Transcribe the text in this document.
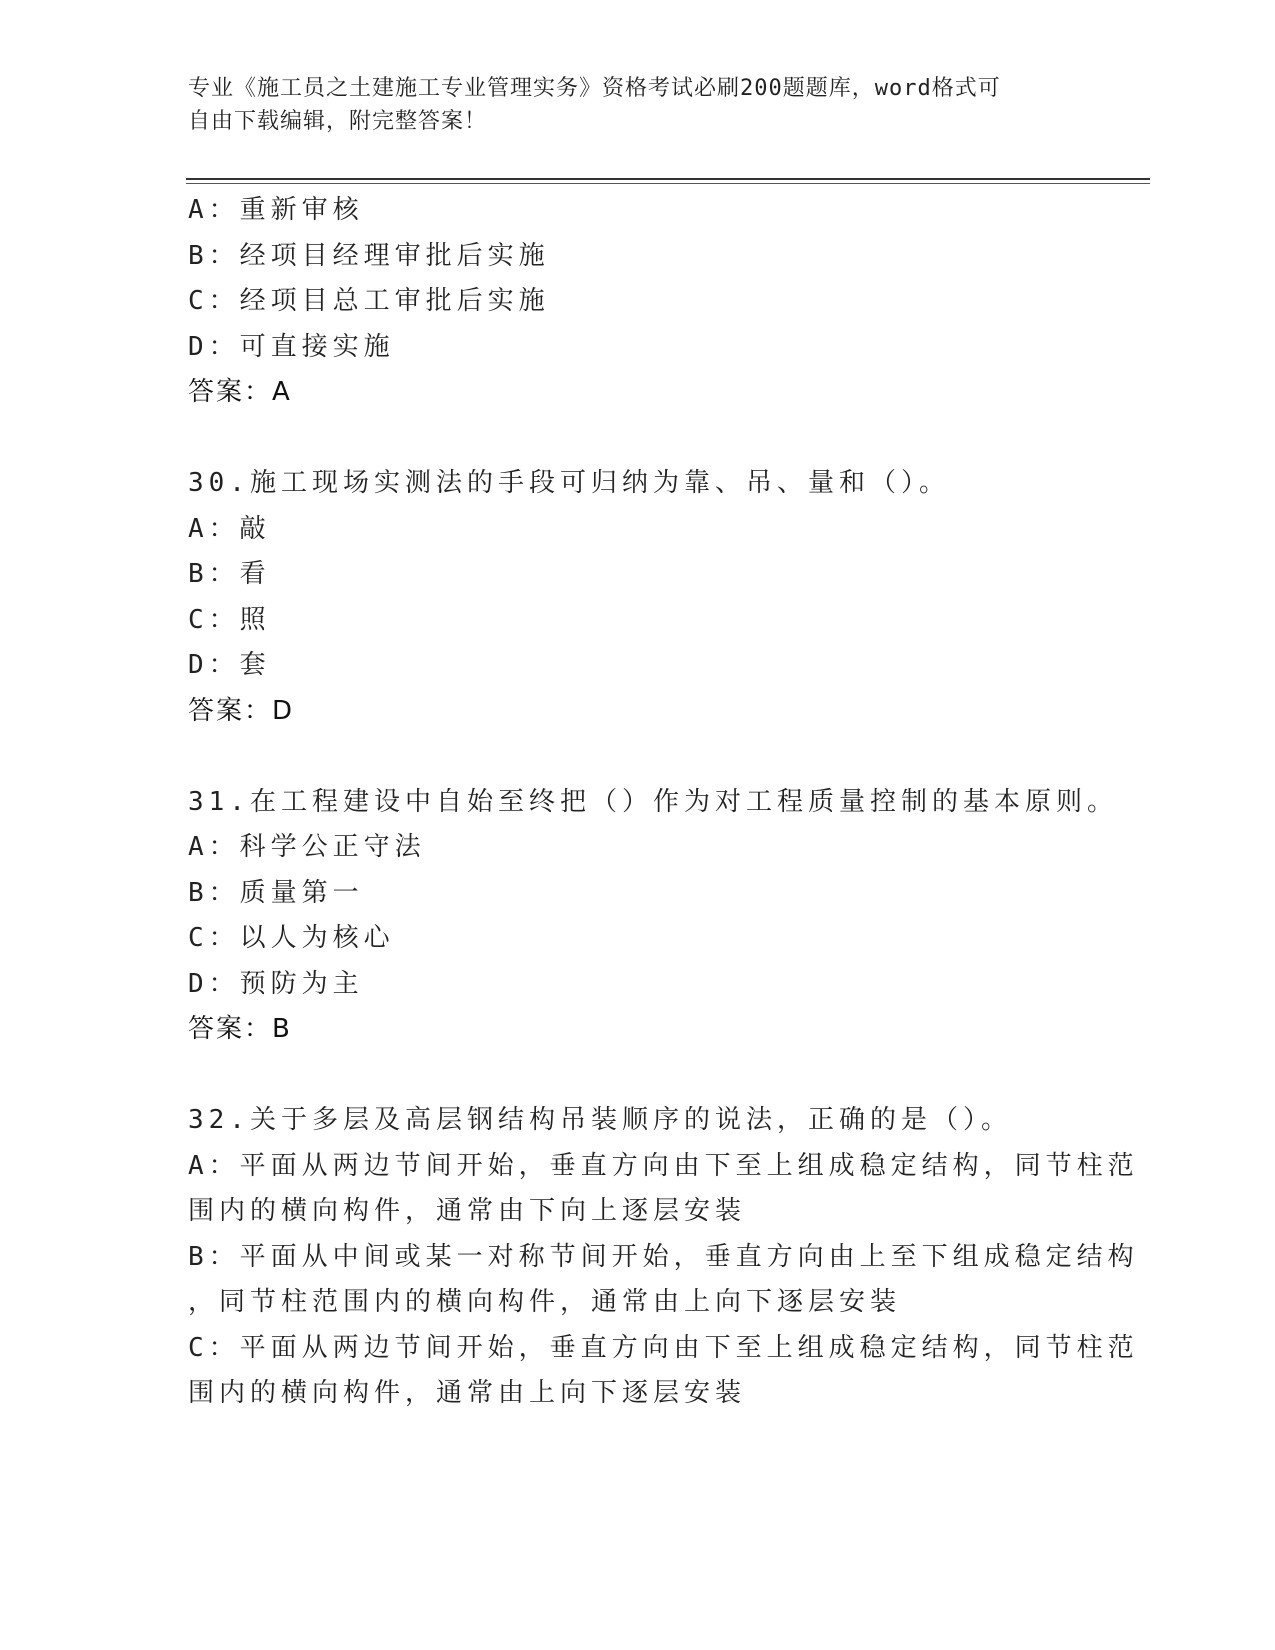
专业《施工员之土建施工专业管理实务》资格考试必刷200题题库，word格式可
自由下载编辑，附完整答案！
A：重新审核
B：经项目经理审批后实施
C：经项目总工审批后实施
D：可直接实施
答案：A
30.施工现场实测法的手段可归纳为靠、吊、量和（）。
A：敲
B：看
C：照
D：套
答案：D
31.在工程建设中自始至终把（）作为对工程质量控制的基本原则。
A：科学公正守法
B：质量第一
C：以人为核心
D：预防为主
答案：B
32.关于多层及高层钢结构吊装顺序的说法，正确的是（）。
A：平面从两边节间开始，垂直方向由下至上组成稳定结构，同节柱范
围内的横向构件，通常由下向上逐层安装
B：平面从中间或某一对称节间开始，垂直方向由上至下组成稳定结构
，同节柱范围内的横向构件，通常由上向下逐层安装
C：平面从两边节间开始，垂直方向由下至上组成稳定结构，同节柱范
围内的横向构件，通常由上向下逐层安装
